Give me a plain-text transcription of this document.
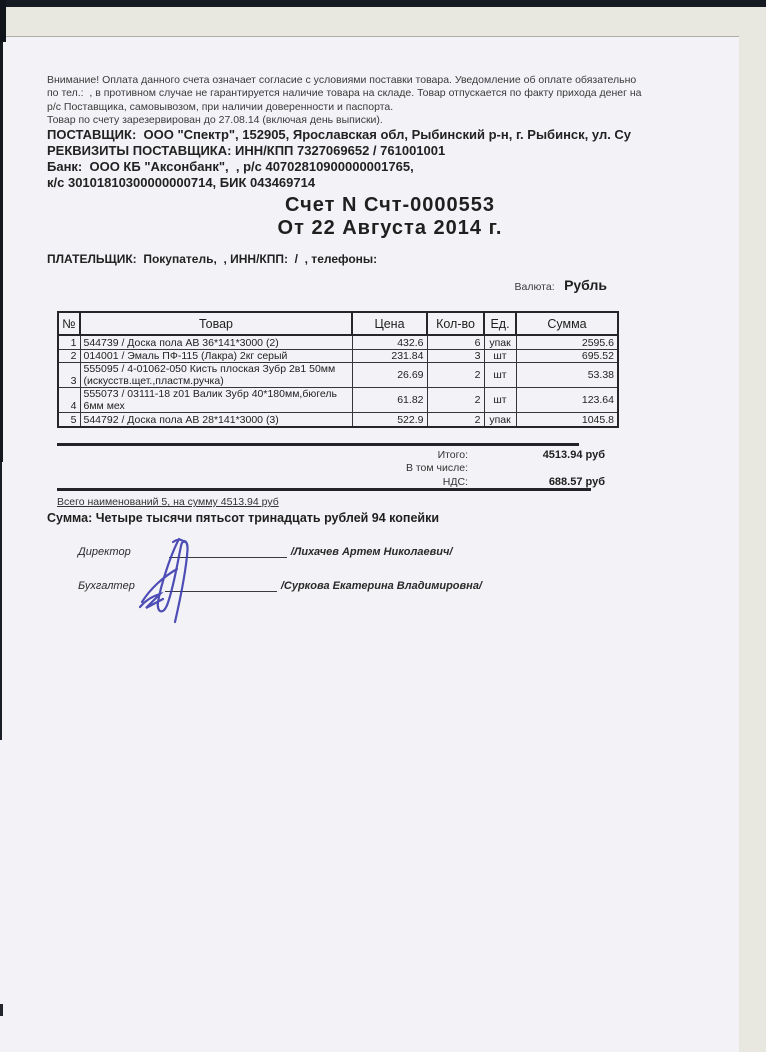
Внимание! Оплата данного счета означает согласие с условиями поставки товара. Уведомление об оплате обязательно
по тел.:  , в противном случае не гарантируется наличие товара на складе. Товар отпускается по факту прихода денег на
р/с Поставщика, самовывозом, при наличии доверенности и паспорта.
Товар по счету зарезервирован до 27.08.14 (включая день выписки).
ПОСТАВЩИК:  ООО "Спектр", 152905, Ярославская обл, Рыбинский р-н, г. Рыбинск, ул. Су
РЕКВИЗИТЫ ПОСТАВЩИКА: ИНН/КПП 7327069652 / 761001001
Банк:  ООО КБ "Аксонбанк",  , р/с 40702810900000001765,
к/с 30101810300000000714, БИК 043469714
Счет N Счт-0000553
От 22 Августа 2014 г.
ПЛАТЕЛЬЩИК:  Покупатель,  , ИНН/КПП:  /  , телефоны:
Валюта: Рубль
№	Товар	Цена	Кол-во	Ед.	Сумма
1	544739 / Доска пола АВ 36*141*3000 (2)	432.6	6	упак	2595.6
2	014001 / Эмаль ПФ-115 (Лакра) 2кг серый	231.84	3	шт	695.52
3	555095 / 4-01062-050 Кисть плоская Зубр 2в1 50мм (искусств.щет.,пластм.ручка)	26.69	2	шт	53.38
4	555073 / 03111-18 z01 Валик Зубр 40*180мм,бюгель 6мм мех	61.82	2	шт	123.64
5	544792 / Доска пола АВ 28*141*3000 (3)	522.9	2	упак	1045.8
Итого:	4513.94 руб
В том числе:
НДС:	688.57 руб
Всего наименований 5, на сумму 4513.94 руб
Сумма: Четыре тысячи пятьсот тринадцать рублей 94 копейки
Директор	/Лихачев Артем Николаевич/
Бухгалтер	/Суркова Екатерина Владимировна/
